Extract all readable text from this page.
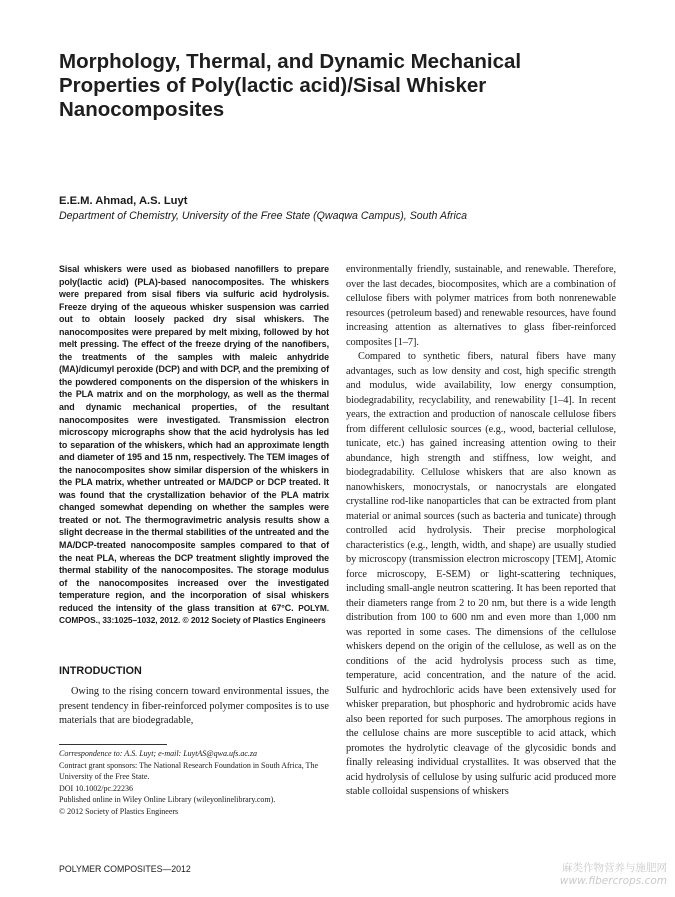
Morphology, Thermal, and Dynamic Mechanical Properties of Poly(lactic acid)/Sisal Whisker Nanocomposites

E.E.M. Ahmad, A.S. Luyt

Department of Chemistry, University of the Free State (Qwaqwa Campus), South Africa

Sisal whiskers were used as biobased nanofillers to prepare poly(lactic acid) (PLA)-based nanocomposites. The whiskers were prepared from sisal fibers via sulfuric acid hydrolysis. Freeze drying of the aqueous whisker suspension was carried out to obtain loosely packed dry sisal whiskers. The nanocomposites were prepared by melt mixing, followed by hot melt pressing. The effect of the freeze drying of the nanofibers, the treatments of the samples with maleic anhydride (MA)/dicumyl peroxide (DCP) and with DCP, and the premixing of the powdered components on the dispersion of the whiskers in the PLA matrix and on the morphology, as well as the thermal and dynamic mechanical properties, of the resultant nanocomposites were investigated. Transmission electron microscopy micrographs show that the acid hydrolysis has led to separation of the whiskers, which had an approximate length and diameter of 195 and 15 nm, respectively. The TEM images of the nanocomposites show similar dispersion of the whiskers in the PLA matrix, whether untreated or MA/DCP or DCP treated. It was found that the crystallization behavior of the PLA matrix changed somewhat depending on whether the samples were treated or not. The thermogravimetric analysis results show a slight decrease in the thermal stabilities of the untreated and the MA/DCP-treated nanocomposite samples compared to that of the neat PLA, whereas the DCP treatment slightly improved the thermal stability of the nanocomposites. The storage modulus of the nanocomposites increased over the investigated temperature region, and the incorporation of sisal whiskers reduced the intensity of the glass transition at 67°C. POLYM. COMPOS., 33:1025–1032, 2012. © 2012 Society of Plastics Engineers

INTRODUCTION

Owing to the rising concern toward environmental issues, the present tendency in fiber-reinforced polymer composites is to use materials that are biodegradable,

Correspondence to: A.S. Luyt; e-mail: LuytAS@qwa.ufs.ac.za

Contract grant sponsors: The National Research Foundation in South Africa, The University of the Free State.

DOI 10.1002/pc.22236

Published online in Wiley Online Library (wileyonlinelibrary.com).

© 2012 Society of Plastics Engineers

environmentally friendly, sustainable, and renewable. Therefore, over the last decades, biocomposites, which are a combination of cellulose fibers with polymer matrices from both nonrenewable resources (petroleum based) and renewable resources, have found increasing attention as alternatives to glass fiber-reinforced composites [1–7].

Compared to synthetic fibers, natural fibers have many advantages, such as low density and cost, high specific strength and modulus, wide availability, low energy consumption, biodegradability, recyclability, and renewability [1–4]. In recent years, the extraction and production of nanoscale cellulose fibers from different cellulosic sources (e.g., wood, bacterial cellulose, tunicate, etc.) has gained increasing attention owing to their abundance, high strength and stiffness, low weight, and biodegradability. Cellulose whiskers that are also known as nanowhiskers, monocrystals, or nanocrystals are elongated crystalline rod-like nanoparticles that can be extracted from plant material or animal sources (such as bacteria and tunicate) through controlled acid hydrolysis. Their precise morphological characteristics (e.g., length, width, and shape) are usually studied by microscopy (transmission electron microscopy [TEM], Atomic force microscopy, E-SEM) or light-scattering techniques, including small-angle neutron scattering. It has been reported that their diameters range from 2 to 20 nm, but there is a wide length distribution from 100 to 600 nm and even more than 1,000 nm was reported in some cases. The dimensions of the cellulose whiskers depend on the origin of the cellulose, as well as on the conditions of the acid hydrolysis process such as time, temperature, acid concentration, and the nature of the acid. Sulfuric and hydrochloric acids have been extensively used for whisker preparation, but phosphoric and hydrobromic acids have also been reported for such purposes. The amorphous regions in the cellulose chains are more susceptible to acid attack, which promotes the hydrolytic cleavage of the glycosidic bonds and finally releasing individual crystallites. It was observed that the acid hydrolysis of cellulose by using sulfuric acid produced more stable colloidal suspensions of whiskers

POLYMER COMPOSITES—2012	麻类作物营养与施肥网
www.fibercrops.com
